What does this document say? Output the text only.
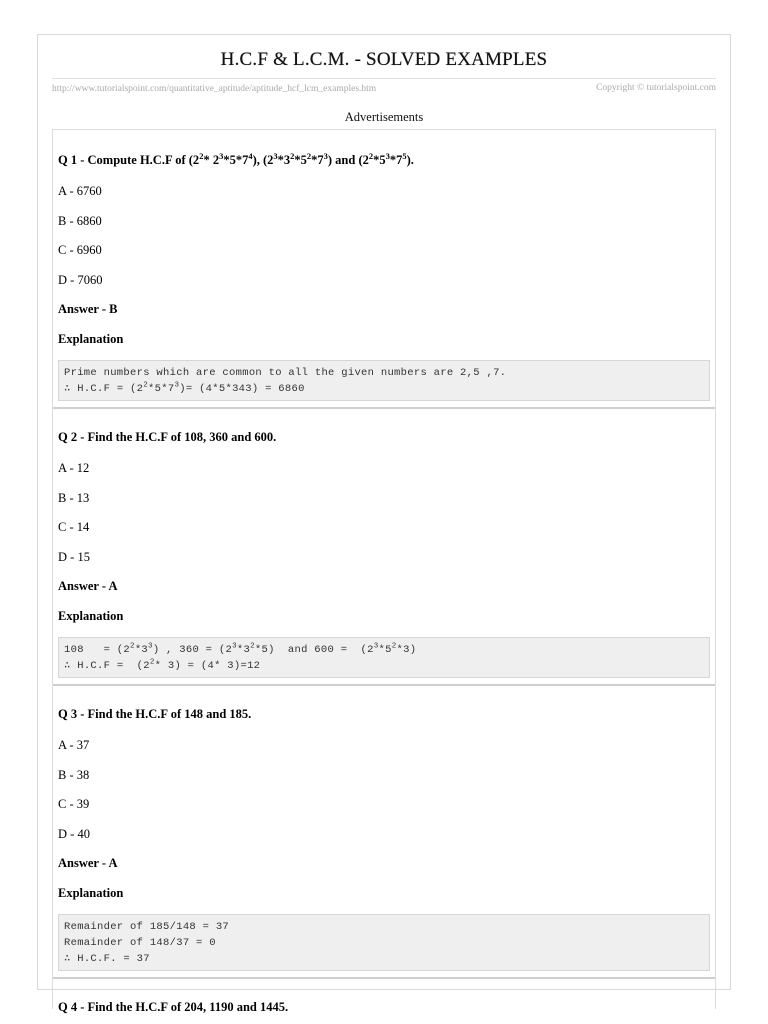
H.C.F & L.C.M. - SOLVED EXAMPLES
http://www.tutorialspoint.com/quantitative_aptitude/aptitude_hcf_lcm_examples.htm	Copyright © tutorialspoint.com
Advertisements
Q 1 - Compute H.C.F of ($2^2*$ $2^3*5*7^4$), $(2^3*3^2*5^2*7^3)$ and $(2^2*5^3*7^5)$.
A - 6760
B - 6860
C - 6960
D - 7060
Answer - B
Explanation
Prime numbers which are common to all the given numbers are 2,5 ,7.
∴ $H.C.F = (2^2*5*7^3)= (4*5*343) = 6860$
Q 2 - Find the H.C.F of 108, 360 and 600.
A - 12
B - 13
C - 14
D - 15
Answer - A
Explanation
$108 = (2^2*3^3)$ , $360 = (2^3*3^2*5)$  and $600 = (2^3*5^2*3)$
∴ $H.C.F = (2^2*$ 3) = (4* 3)=12
Q 3 - Find the H.C.F of 148 and 185.
A - 37
B - 38
C - 39
D - 40
Answer - A
Explanation
Remainder of 185/148 = 37
Remainder of 148/37 = 0
∴ H.C.F. = 37
Q 4 - Find the H.C.F of 204, 1190 and 1445.
